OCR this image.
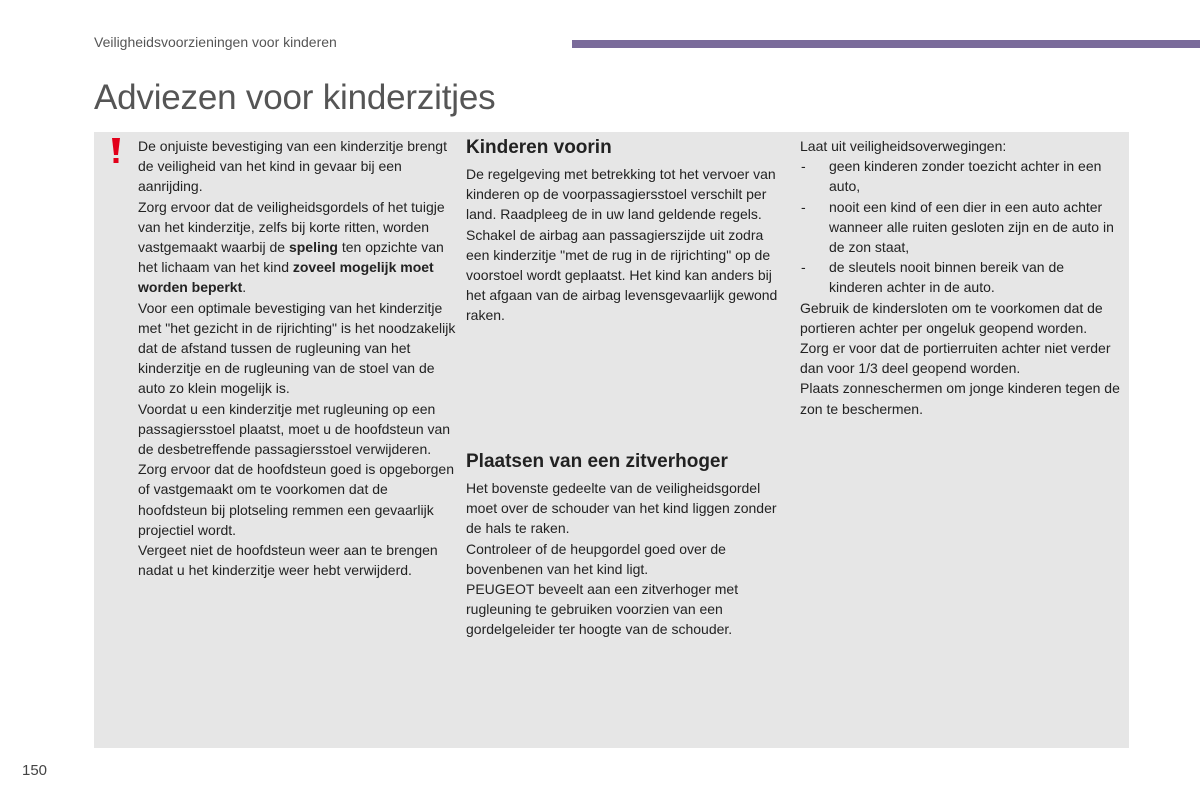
Veiligheidsvoorzieningen voor kinderen
Adviezen voor kinderzitjes

De onjuiste bevestiging van een kinderzitje brengt de veiligheid van het kind in gevaar bij een aanrijding.

Zorg ervoor dat de veiligheidsgordels of het tuigje van het kinderzitje, zelfs bij korte ritten, worden vastgemaakt waarbij de speling ten opzichte van het lichaam van het kind zoveel mogelijk moet worden beperkt.

Voor een optimale bevestiging van het kinderzitje met "het gezicht in de rijrichting" is het noodzakelijk dat de afstand tussen de rugleuning van het kinderzitje en de rugleuning van de stoel van de auto zo klein mogelijk is.

Voordat u een kinderzitje met rugleuning op een passagiersstoel plaatst, moet u de hoofdsteun van de desbetreffende passagiersstoel verwijderen.

Zorg ervoor dat de hoofdsteun goed is opgeborgen of vastgemaakt om te voorkomen dat de hoofdsteun bij plotseling remmen een gevaarlijk projectiel wordt.

Vergeet niet de hoofdsteun weer aan te brengen nadat u het kinderzitje weer hebt verwijderd.

Kinderen voorin

De regelgeving met betrekking tot het vervoer van kinderen op de voorpassagiersstoel verschilt per land. Raadpleeg de in uw land geldende regels.

Schakel de airbag aan passagierszijde uit zodra een kinderzitje "met de rug in de rijrichting" op de voorstoel wordt geplaatst. Het kind kan anders bij het afgaan van de airbag levensgevaarlijk gewond raken.

Plaatsen van een zitverhoger

Het bovenste gedeelte van de veiligheidsgordel moet over de schouder van het kind liggen zonder de hals te raken.

Controleer of de heupgordel goed over de bovenbenen van het kind ligt.

PEUGEOT beveelt aan een zitverhoger met rugleuning te gebruiken voorzien van een gordelgeleider ter hoogte van de schouder.

Laat uit veiligheidsoverwegingen:

- geen kinderen zonder toezicht achter in een auto,
- nooit een kind of een dier in een auto achter wanneer alle ruiten gesloten zijn en de auto in de zon staat,
- de sleutels nooit binnen bereik van de kinderen achter in de auto.

Gebruik de kindersloten om te voorkomen dat de portieren achter per ongeluk geopend worden.

Zorg er voor dat de portierruiten achter niet verder dan voor 1/3 deel geopend worden.

Plaats zonneschermen om jonge kinderen tegen de zon te beschermen.

150
